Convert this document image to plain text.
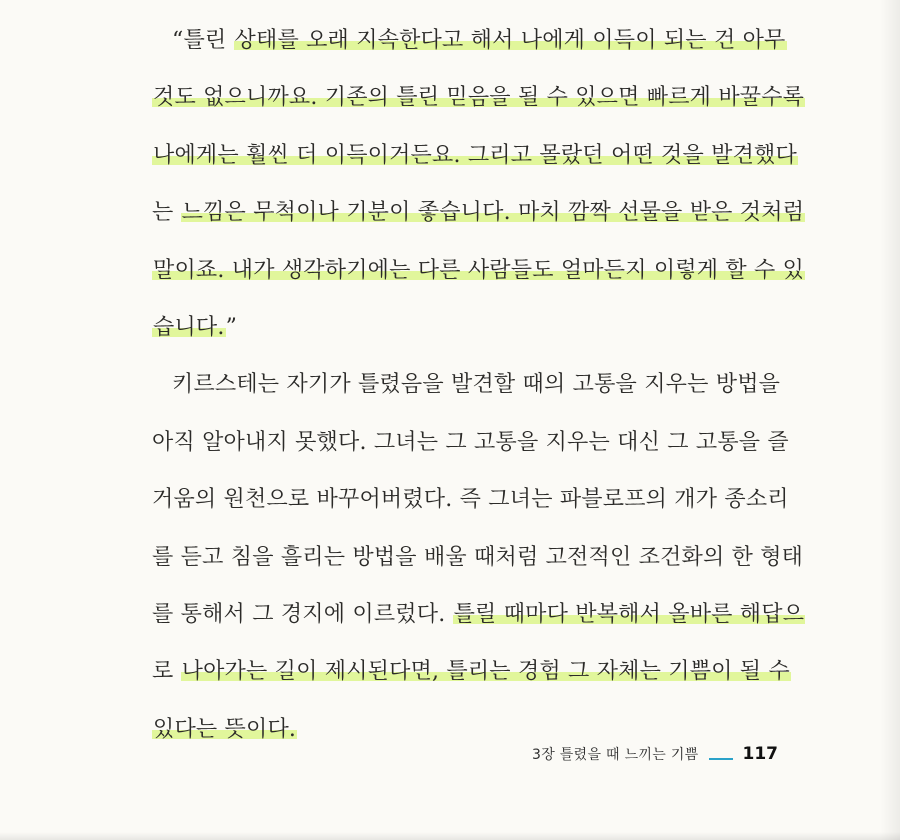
“틀린 상태를 오래 지속한다고 해서 나에게 이득이 되는 건 아무
것도 없으니까요. 기존의 틀린 믿음을 될 수 있으면 빠르게 바꿀수록
나에게는 훨씬 더 이득이거든요. 그리고 몰랐던 어떤 것을 발견했다
는 느낌은 무척이나 기분이 좋습니다. 마치 깜짝 선물을 받은 것처럼
말이죠. 내가 생각하기에는 다른 사람들도 얼마든지 이렇게 할 수 있
습니다.”
키르스테는 자기가 틀렸음을 발견할 때의 고통을 지우는 방법을
아직 알아내지 못했다. 그녀는 그 고통을 지우는 대신 그 고통을 즐
거움의 원천으로 바꾸어버렸다. 즉 그녀는 파블로프의 개가 종소리
를 듣고 침을 흘리는 방법을 배울 때처럼 고전적인 조건화의 한 형태
를 통해서 그 경지에 이르렀다. 틀릴 때마다 반복해서 올바른 해답으
로 나아가는 길이 제시된다면, 틀리는 경험 그 자체는 기쁨이 될 수
있다는 뜻이다.
3장 틀렸을 때 느끼는 기쁨	117
